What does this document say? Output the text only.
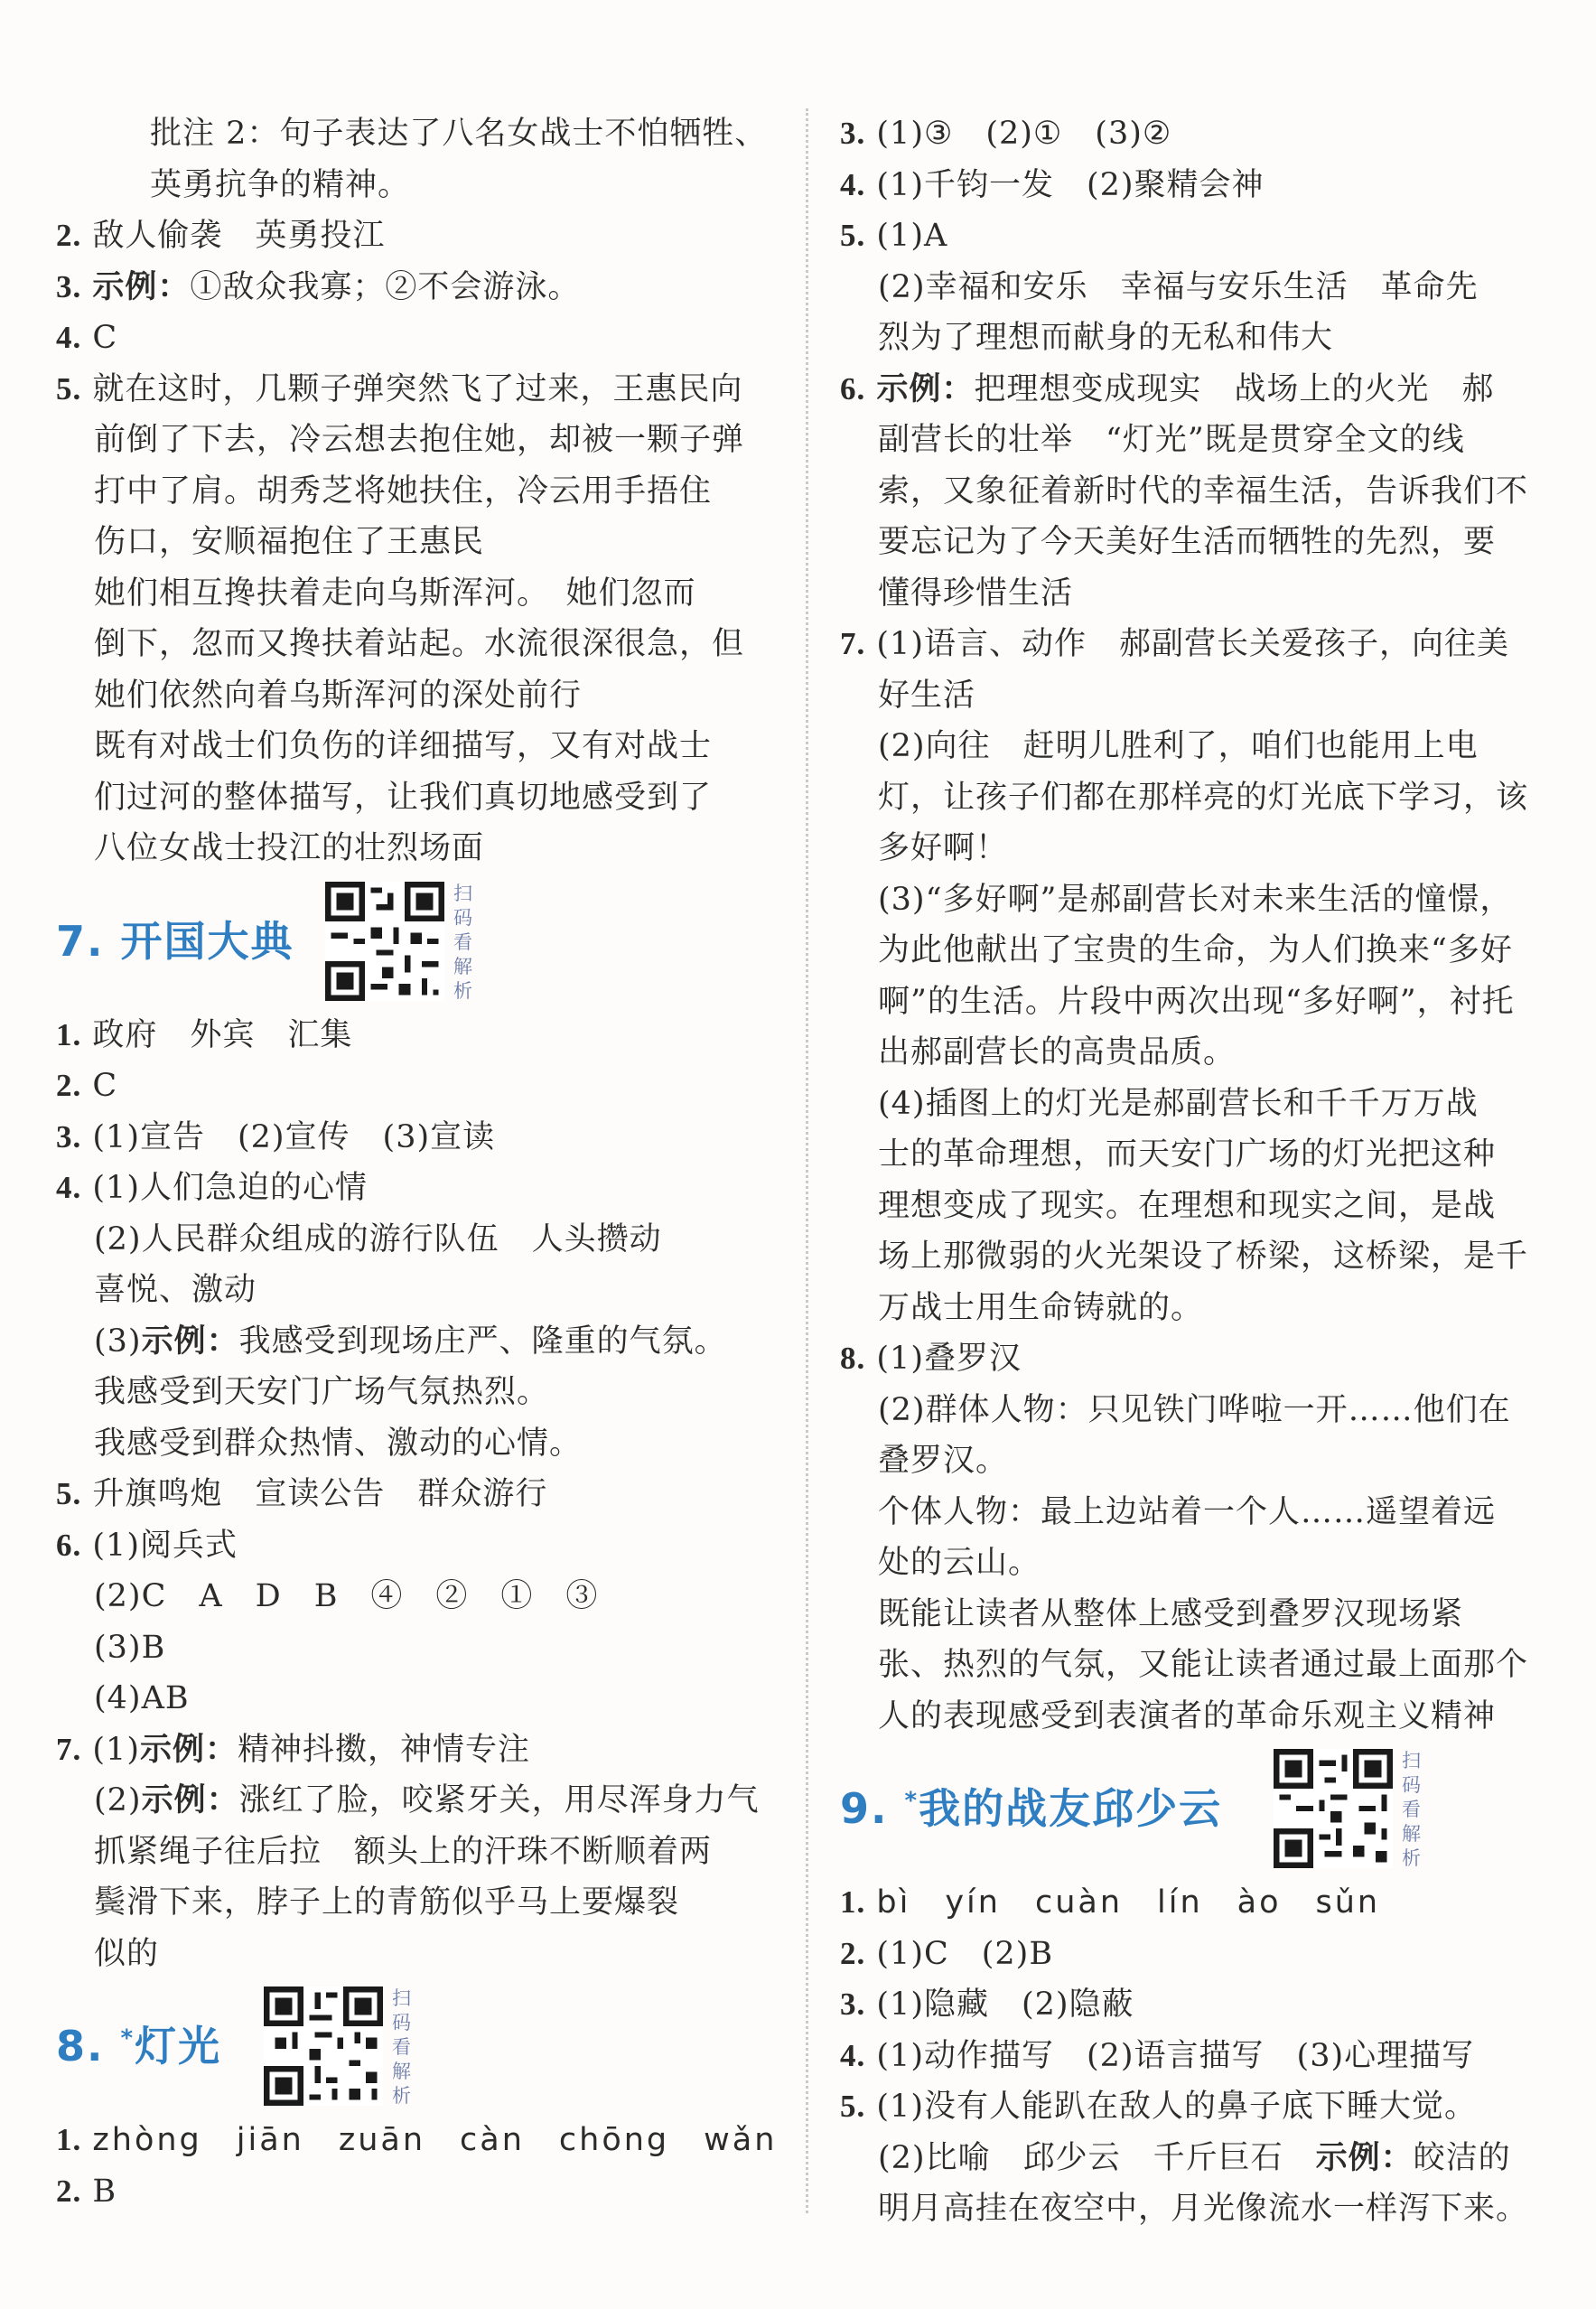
批注 2：句子表达了八名女战士不怕牺牲、
英勇抗争的精神。
2. 敌人偷袭　英勇投江
3. 示例：①敌众我寡；②不会游泳。
4. C
5. 就在这时，几颗子弹突然飞了过来，王惠民向
前倒了下去，冷云想去抱住她，却被一颗子弹
打中了肩。胡秀芝将她扶住，冷云用手捂住
伤口，安顺福抱住了王惠民
她们相互搀扶着走向乌斯浑河。　她们忽而
倒下，忽而又搀扶着站起。水流很深很急，但
她们依然向着乌斯浑河的深处前行
既有对战士们负伤的详细描写，又有对战士
们过河的整体描写，让我们真切地感受到了
八位女战士投江的壮烈场面
7. 开国大典
扫
码
看
解
析
1. 政府　外宾　汇集
2. C
3. (1)宣告　(2)宣传　(3)宣读
4. (1)人们急迫的心情
(2)人民群众组成的游行队伍　人头攒动
喜悦、激动
(3)示例：我感受到现场庄严、隆重的气氛。
我感受到天安门广场气氛热烈。
我感受到群众热情、激动的心情。
5. 升旗鸣炮　宣读公告　群众游行
6. (1)阅兵式
(2)C　A　D　B　④　②　①　③
(3)B
(4)AB
7. (1)示例：精神抖擞，神情专注
(2)示例：涨红了脸，咬紧牙关，用尽浑身力气
抓紧绳子往后拉　额头上的汗珠不断顺着两
鬓滑下来，脖子上的青筋似乎马上要爆裂
似的
8. *灯光
扫
码
看
解
析
1. zhòng　jiān　zuān　càn　chōng　wǎn
2. B
3. (1)③　(2)①　(3)②
4. (1)千钧一发　(2)聚精会神
5. (1)A
(2)幸福和安乐　幸福与安乐生活　革命先
烈为了理想而献身的无私和伟大
6. 示例：把理想变成现实　战场上的火光　郝
副营长的壮举　“灯光”既是贯穿全文的线
索，又象征着新时代的幸福生活，告诉我们不
要忘记为了今天美好生活而牺牲的先烈，要
懂得珍惜生活
7. (1)语言、动作　郝副营长关爱孩子，向往美
好生活
(2)向往　赶明儿胜利了，咱们也能用上电
灯，让孩子们都在那样亮的灯光底下学习，该
多好啊！
(3)“多好啊”是郝副营长对未来生活的憧憬，
为此他献出了宝贵的生命，为人们换来“多好
啊”的生活。片段中两次出现“多好啊”，衬托
出郝副营长的高贵品质。
(4)插图上的灯光是郝副营长和千千万万战
士的革命理想，而天安门广场的灯光把这种
理想变成了现实。在理想和现实之间，是战
场上那微弱的火光架设了桥梁，这桥梁，是千
万战士用生命铸就的。
8. (1)叠罗汉
(2)群体人物：只见铁门哗啦一开……他们在
叠罗汉。
个体人物：最上边站着一个人……遥望着远
处的云山。
既能让读者从整体上感受到叠罗汉现场紧
张、热烈的气氛，又能让读者通过最上面那个
人的表现感受到表演者的革命乐观主义精神
9. *我的战友邱少云
扫
码
看
解
析
1. bì　yín　cuàn　lín　ào　sǔn
2. (1)C　(2)B
3. (1)隐藏　(2)隐蔽
4. (1)动作描写　(2)语言描写　(3)心理描写
5. (1)没有人能趴在敌人的鼻子底下睡大觉。
(2)比喻　邱少云　千斤巨石　示例：皎洁的
明月高挂在夜空中，月光像流水一样泻下来。
